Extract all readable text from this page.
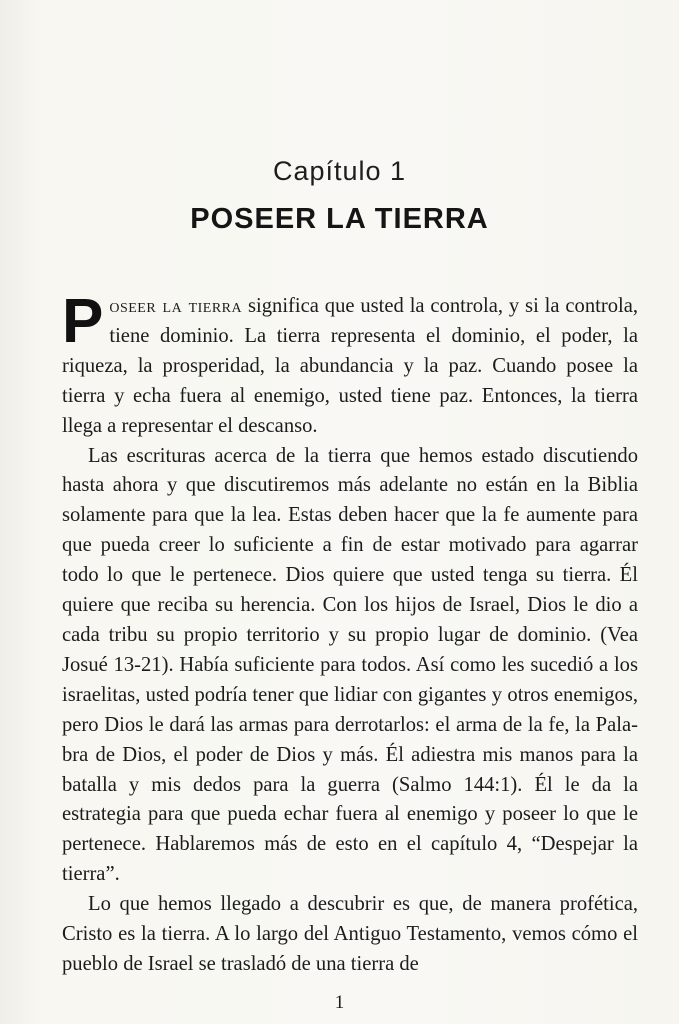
Capítulo 1
POSEER LA TIERRA

Poseer la tierra significa que usted la controla, y si la controla, tiene dominio. La tierra representa el dominio, el poder, la riqueza, la prosperidad, la abundancia y la paz. Cuando posee la tierra y echa fuera al enemigo, usted tiene paz. Entonces, la tierra llega a representar el descanso.

Las escrituras acerca de la tierra que hemos estado discutiendo hasta ahora y que discutiremos más adelante no están en la Biblia solamente para que la lea. Estas deben hacer que la fe aumente para que pueda creer lo suficiente a fin de estar motivado para agarrar todo lo que le pertenece. Dios quiere que usted tenga su tierra. Él quiere que reciba su herencia. Con los hijos de Israel, Dios le dio a cada tribu su propio territorio y su propio lugar de dominio. (Vea Josué 13-21). Había suficiente para todos. Así como les sucedió a los israelitas, usted podría tener que lidiar con gigantes y otros enemigos, pero Dios le dará las armas para derrotarlos: el arma de la fe, la Palabra de Dios, el poder de Dios y más. Él adiestra mis manos para la batalla y mis dedos para la guerra (Salmo 144:1). Él le da la estrategia para que pueda echar fuera al enemigo y poseer lo que le pertenece. Hablaremos más de esto en el capítulo 4, “Despejar la tierra”.

Lo que hemos llegado a descubrir es que, de manera profética, Cristo es la tierra. A lo largo del Antiguo Testamento, vemos cómo el pueblo de Israel se trasladó de una tierra de

1
